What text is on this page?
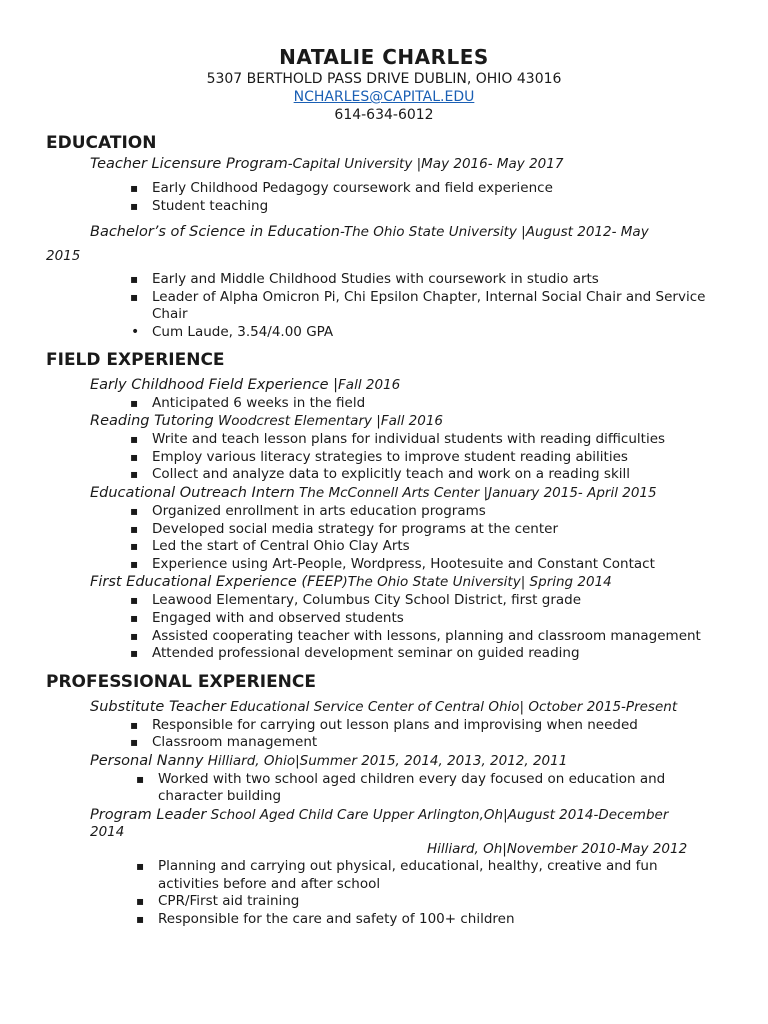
NATALIE CHARLES
5307 BERTHOLD PASS DRIVE DUBLIN, OHIO 43016
NCHARLES@CAPITAL.EDU
614-634-6012
EDUCATION
Teacher Licensure Program-Capital University |May 2016- May 2017
▪ Early Childhood Pedagogy coursework and field experience
▪ Student teaching
Bachelor’s of Science in Education-The Ohio State University |August 2012- May
2015
▪ Early and Middle Childhood Studies with coursework in studio arts
▪ Leader of Alpha Omicron Pi, Chi Epsilon Chapter, Internal Social Chair and Service Chair
• Cum Laude, 3.54/4.00 GPA
FIELD EXPERIENCE
Early Childhood Field Experience |Fall 2016
▪ Anticipated 6 weeks in the field
Reading Tutoring Woodcrest Elementary |Fall 2016
▪ Write and teach lesson plans for individual students with reading difficulties
▪ Employ various literacy strategies to improve student reading abilities
▪ Collect and analyze data to explicitly teach and work on a reading skill
Educational Outreach Intern The McConnell Arts Center |January 2015- April 2015
▪ Organized enrollment in arts education programs
▪ Developed social media strategy for programs at the center
▪ Led the start of Central Ohio Clay Arts
▪ Experience using Art-People, Wordpress, Hootesuite and Constant Contact
First Educational Experience (FEEP)The Ohio State University| Spring 2014
▪ Leawood Elementary, Columbus City School District, first grade
▪ Engaged with and observed students
▪ Assisted cooperating teacher with lessons, planning and classroom management
▪ Attended professional development seminar on guided reading
PROFESSIONAL EXPERIENCE
Substitute Teacher Educational Service Center of Central Ohio| October 2015-Present
▪ Responsible for carrying out lesson plans and improvising when needed
▪ Classroom management
Personal Nanny Hilliard, Ohio|Summer 2015, 2014, 2013, 2012, 2011
▪ Worked with two school aged children every day focused on education and character building
Program Leader School Aged Child Care Upper Arlington,Oh|August 2014-December
2014
Hilliard, Oh|November 2010-May 2012
▪ Planning and carrying out physical, educational, healthy, creative and fun activities before and after school
▪ CPR/First aid training
▪ Responsible for the care and safety of 100+ children
